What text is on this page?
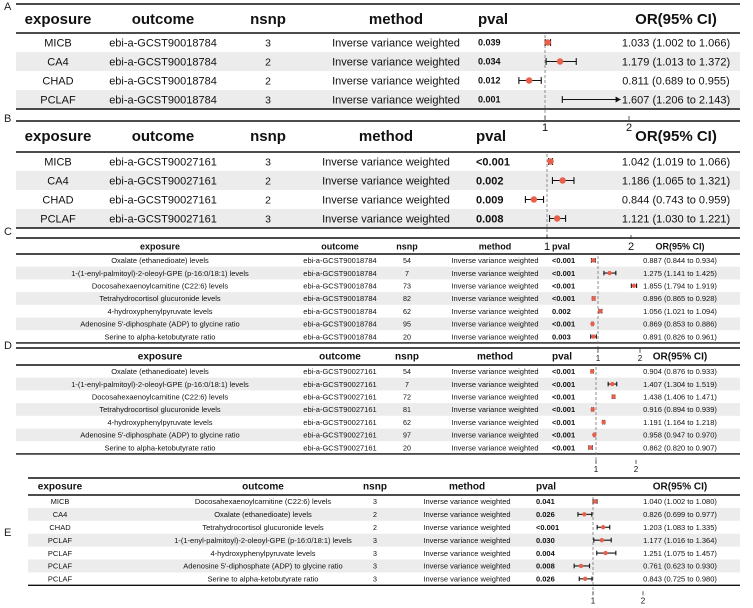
A
exposure	outcome	nsnp	method	pval	OR(95% CI)
MICB	ebi-a-GCST90018784	3	Inverse variance weighted 0.039	1.033 (1.002 to 1.066)
CA4	ebi-a-GCST90018784	2	Inverse variance weighted 0.034	1.179 (1.013 to 1.372)
CHAD	ebi-a-GCST90018784	2	Inverse variance weighted 0.012	0.811 (0.689 to 0.955)
PCLAF	ebi-a-GCST90018784	3	Inverse variance weighted 0.001	1.607 (1.206 to 2.143)
1	2
B
exposure	outcome	nsnp	method	pval	OR(95% CI)
MICB	ebi-a-GCST90027161	3	Inverse variance weighted <0.001	1.042 (1.019 to 1.066)
CA4	ebi-a-GCST90027161	2	Inverse variance weighted 0.002	1.186 (1.065 to 1.321)
CHAD	ebi-a-GCST90027161	2	Inverse variance weighted 0.009	0.844 (0.743 to 0.959)
PCLAF	ebi-a-GCST90027161	3	Inverse variance weighted 0.008	1.121 (1.030 to 1.221)
1	2
C
exposure	outcome	nsnp	method	pval	OR(95% CI)
Oxalate (ethanedioate) levels	ebi-a-GCST90018784	54	Inverse variance weighted <0.001	0.887 (0.844 to 0.934)
1-(1-enyl-palmitoyl)-2-oleoyl-GPE (p-16:0/18:1) levels	ebi-a-GCST90018784	7	Inverse variance weighted <0.001	1.275 (1.141 to 1.425)
Docosahexaenoylcarnitine (C22:6) levels	ebi-a-GCST90018784	73	Inverse variance weighted <0.001	1.855 (1.794 to 1.919)
Tetrahydrocortisol glucuronide levels	ebi-a-GCST90018784	82	Inverse variance weighted <0.001	0.896 (0.865 to 0.928)
4-hydroxyphenylpyruvate levels	ebi-a-GCST90018784	62	Inverse variance weighted 0.002	1.056 (1.021 to 1.094)
Adenosine 5'-diphosphate (ADP) to glycine ratio	ebi-a-GCST90018784	95	Inverse variance weighted <0.001	0.869 (0.853 to 0.886)
Serine to alpha-ketobutyrate ratio	ebi-a-GCST90018784	20	Inverse variance weighted 0.003	0.891 (0.826 to 0.961)
1	2
D
exposure	outcome	nsnp	method	pval	OR(95% CI)
Oxalate (ethanedioate) levels	ebi-a-GCST90027161	54	Inverse variance weighted <0.001	0.904 (0.876 to 0.933)
1-(1-enyl-palmitoyl)-2-oleoyl-GPE (p-16:0/18:1) levels	ebi-a-GCST90027161	7	Inverse variance weighted <0.001	1.407 (1.304 to 1.519)
Docosahexaenoylcarnitine (C22:6) levels	ebi-a-GCST90027161	72	Inverse variance weighted <0.001	1.438 (1.406 to 1.471)
Tetrahydrocortisol glucuronide levels	ebi-a-GCST90027161	81	Inverse variance weighted <0.001	0.916 (0.894 to 0.939)
4-hydroxyphenylpyruvate levels	ebi-a-GCST90027161	62	Inverse variance weighted <0.001	1.191 (1.164 to 1.218)
Adenosine 5'-diphosphate (ADP) to glycine ratio	ebi-a-GCST90027161	97	Inverse variance weighted <0.001	0.958 (0.947 to 0.970)
Serine to alpha-ketobutyrate ratio	ebi-a-GCST90027161	20	Inverse variance weighted <0.001	0.862 (0.820 to 0.907)
1	2
E
exposure	outcome	nsnp	method	pval	OR(95% CI)
MICB	Docosahexaenoylcarnitine (C22:6) levels	3	Inverse variance weighted	0.041	1.040 (1.002 to 1.080)
CA4	Oxalate (ethanedioate) levels	2	Inverse variance weighted	0.026	0.826 (0.699 to 0.977)
CHAD	Tetrahydrocortisol glucuronide levels	2	Inverse variance weighted	<0.001	1.203 (1.083 to 1.335)
PCLAF	1-(1-enyl-palmitoyl)-2-oleoyl-GPE (p-16:0/18:1) levels	3	Inverse variance weighted	0.030	1.177 (1.016 to 1.364)
PCLAF	4-hydroxyphenylpyruvate levels	3	Inverse variance weighted	0.004	1.251 (1.075 to 1.457)
PCLAF	Adenosine 5'-diphosphate (ADP) to glycine ratio	3	Inverse variance weighted	0.008	0.761 (0.623 to 0.930)
PCLAF	Serine to alpha-ketobutyrate ratio	3	Inverse variance weighted	0.026	0.843 (0.725 to 0.980)
1	2
